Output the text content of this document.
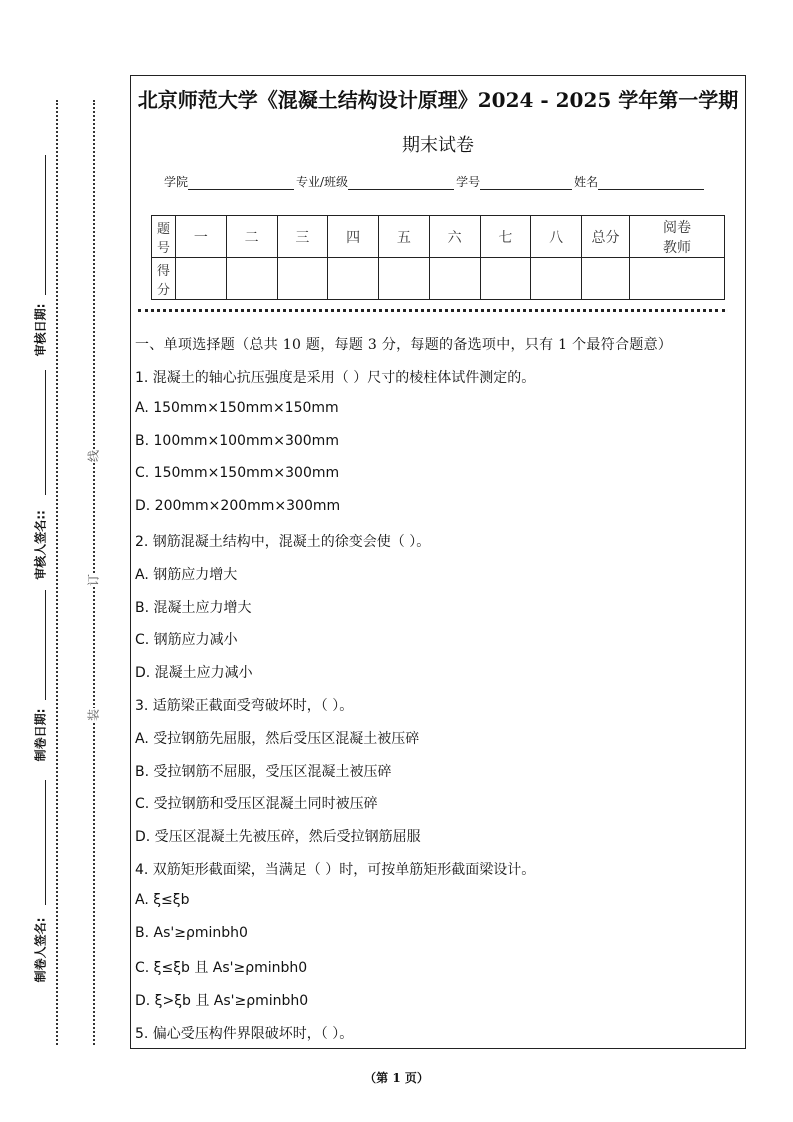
审核日期:
审核人签名::
制卷日期:
制卷人签名:
线
订
装
北京师范大学《混凝土结构设计原理》2024 - 2025 学年第一学期
期末试卷
学院	专业/班级	学号	姓名
题号	一	二	三	四	五	六	七	八	总分	阅卷教师
得分										
一、单项选择题（总共 10 题，每题 3 分，每题的备选项中，只有 1 个最符合题意）
1. 混凝土的轴心抗压强度是采用（ ）尺寸的棱柱体试件测定的。
A. 150mm×150mm×150mm
B. 100mm×100mm×300mm
C. 150mm×150mm×300mm
D. 200mm×200mm×300mm
2. 钢筋混凝土结构中，混凝土的徐变会使（ ）。
A. 钢筋应力增大
B. 混凝土应力增大
C. 钢筋应力减小
D. 混凝土应力减小
3. 适筋梁正截面受弯破坏时，（ ）。
A. 受拉钢筋先屈服，然后受压区混凝土被压碎
B. 受拉钢筋不屈服，受压区混凝土被压碎
C. 受拉钢筋和受压区混凝土同时被压碎
D. 受压区混凝土先被压碎，然后受拉钢筋屈服
4. 双筋矩形截面梁，当满足（ ）时，可按单筋矩形截面梁设计。
A. ξ≤ξb
B. As'≥ρminbh0
C. ξ≤ξb 且 As'≥ρminbh0
D. ξ>ξb 且 As'≥ρminbh0
5. 偏心受压构件界限破坏时，（ ）。
（第 1 页）
